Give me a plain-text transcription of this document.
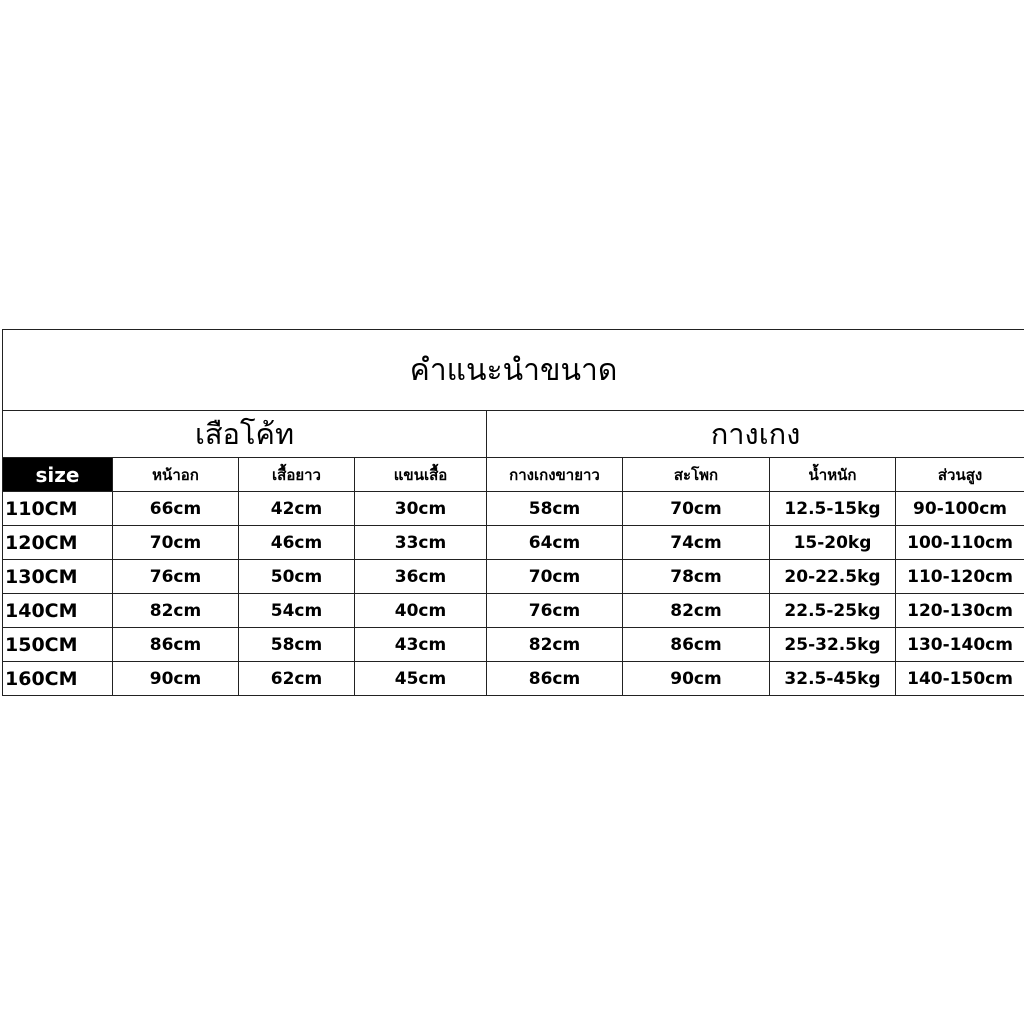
คำแนะนำขนาด							
เสือโค้ท				กางเกง			
size	หน้าอก	เสื้อยาว	แขนเสื้อ	กางเกงขายาว	สะโพก	น้ำหนัก	ส่วนสูง
110CM	66cm	42cm	30cm	58cm	70cm	12.5-15kg	90-100cm
120CM	70cm	46cm	33cm	64cm	74cm	15-20kg	100-110cm
130CM	76cm	50cm	36cm	70cm	78cm	20-22.5kg	110-120cm
140CM	82cm	54cm	40cm	76cm	82cm	22.5-25kg	120-130cm
150CM	86cm	58cm	43cm	82cm	86cm	25-32.5kg	130-140cm
160CM	90cm	62cm	45cm	86cm	90cm	32.5-45kg	140-150cm
